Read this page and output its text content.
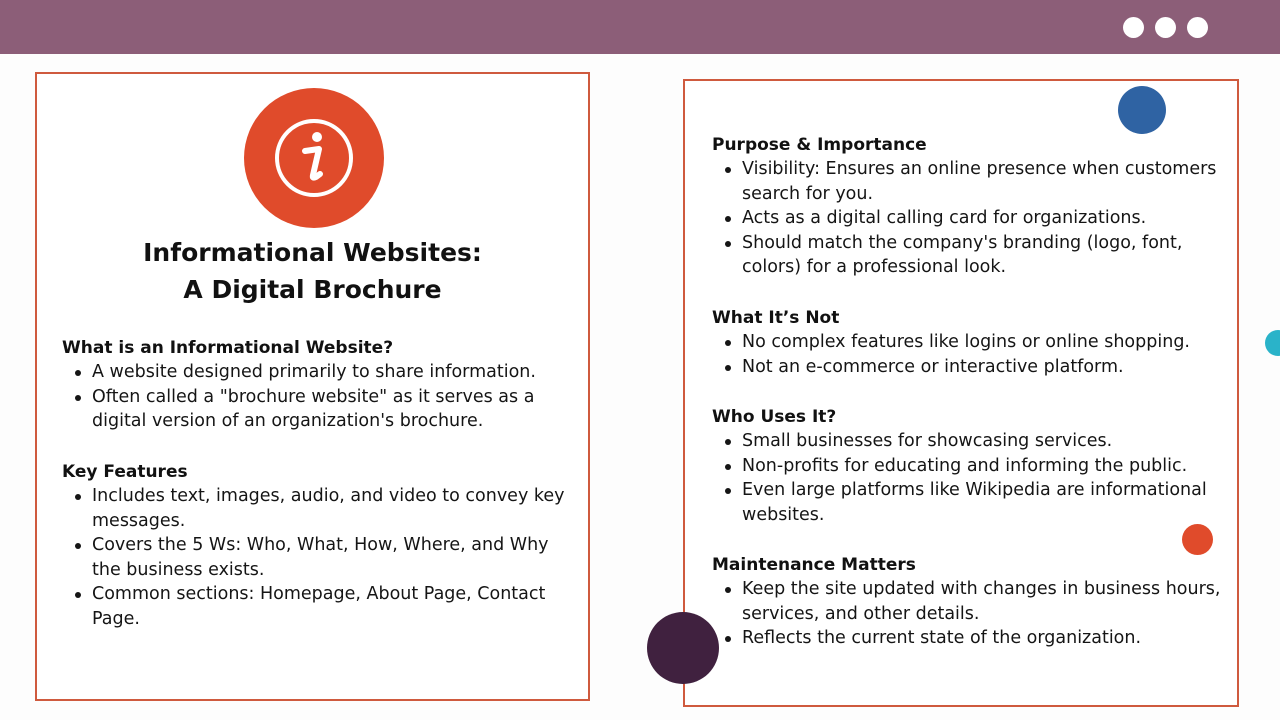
Informational Websites:
A Digital Brochure
What is an Informational Website?
A website designed primarily to share information.
Often called a "brochure website" as it serves as a digital version of an organization's brochure.
Key Features
Includes text, images, audio, and video to convey key messages.
Covers the 5 Ws: Who, What, How, Where, and Why the business exists.
Common sections: Homepage, About Page, Contact Page.
Purpose & Importance
Visibility: Ensures an online presence when customers search for you.
Acts as a digital calling card for organizations.
Should match the company's branding (logo, font, colors) for a professional look.
What It’s Not
No complex features like logins or online shopping.
Not an e-commerce or interactive platform.
Who Uses It?
Small businesses for showcasing services.
Non-profits for educating and informing the public.
Even large platforms like Wikipedia are informational websites.
Maintenance Matters
Keep the site updated with changes in business hours, services, and other details.
Reflects the current state of the organization.
